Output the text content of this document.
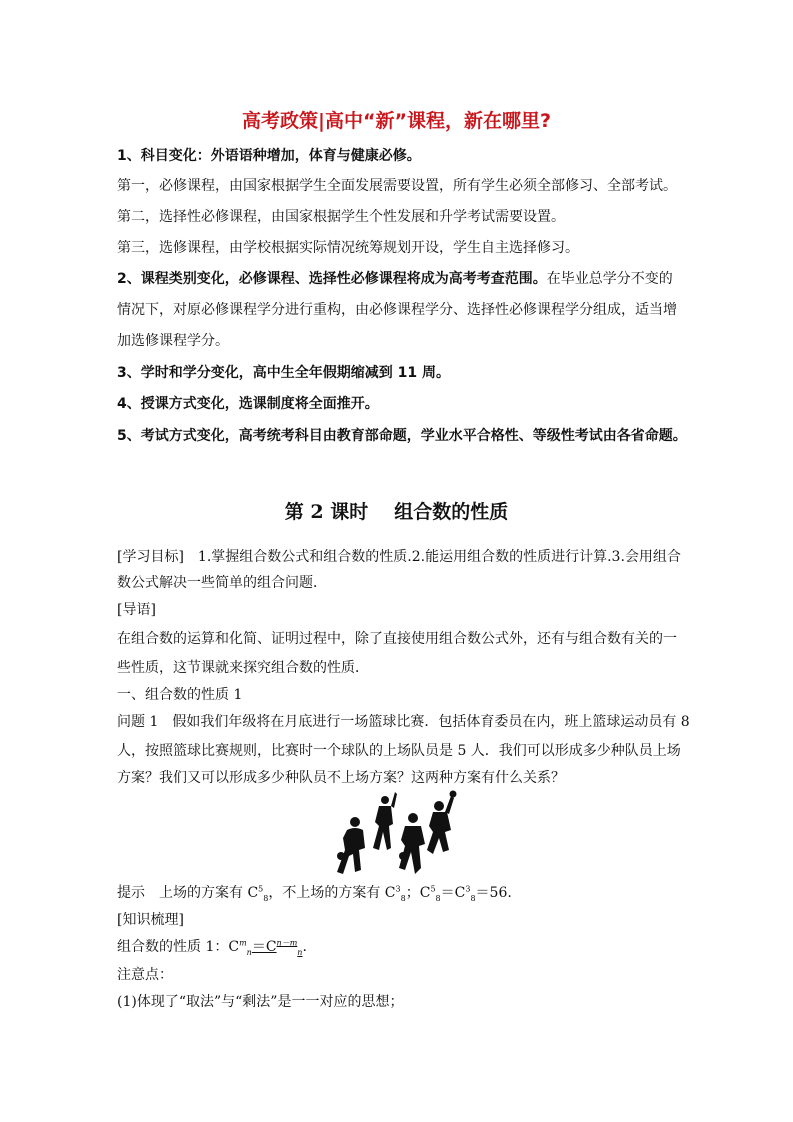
高考政策|高中“新”课程，新在哪里?
1、科目变化：外语语种增加，体育与健康必修。
第一，必修课程，由国家根据学生全面发展需要设置，所有学生必须全部修习、全部考试。
第二，选择性必修课程，由国家根据学生个性发展和升学考试需要设置。
第三，选修课程，由学校根据实际情况统筹规划开设，学生自主选择修习。
2、课程类别变化，必修课程、选择性必修课程将成为高考考查范围。在毕业总学分不变的
情况下，对原必修课程学分进行重构，由必修课程学分、选择性必修课程学分组成，适当增
加选修课程学分。
3、学时和学分变化，高中生全年假期缩减到 11 周。
4、授课方式变化，选课制度将全面推开。
5、考试方式变化，高考统考科目由教育部命题，学业水平合格性、等级性考试由各省命题。
第 2 课时 组合数的性质
[学习目标]　1.掌握组合数公式和组合数的性质.2.能运用组合数的性质进行计算.3.会用组合
数公式解决一些简单的组合问题．
[导语]
在组合数的运算和化简、证明过程中，除了直接使用组合数公式外，还有与组合数有关的一
些性质，这节课就来探究组合数的性质．
一、组合数的性质 1
问题 1　假如我们年级将在月底进行一场篮球比赛．包括体育委员在内，班上篮球运动员有 8
人，按照篮球比赛规则，比赛时一个球队的上场队员是 5 人．我们可以形成多少种队员上场
方案？我们又可以形成多少种队员不上场方案？这两种方案有什么关系？
提示　上场的方案有 $C^5_8$，不上场的方案有 $C^3_8$；$C^5_8=C^3_8=56$.
[知识梳理]
组合数的性质 1：$C^m_n=C^{n-m}_n$.
注意点：
(1)体现了“取法”与“剩法”是一一对应的思想；
